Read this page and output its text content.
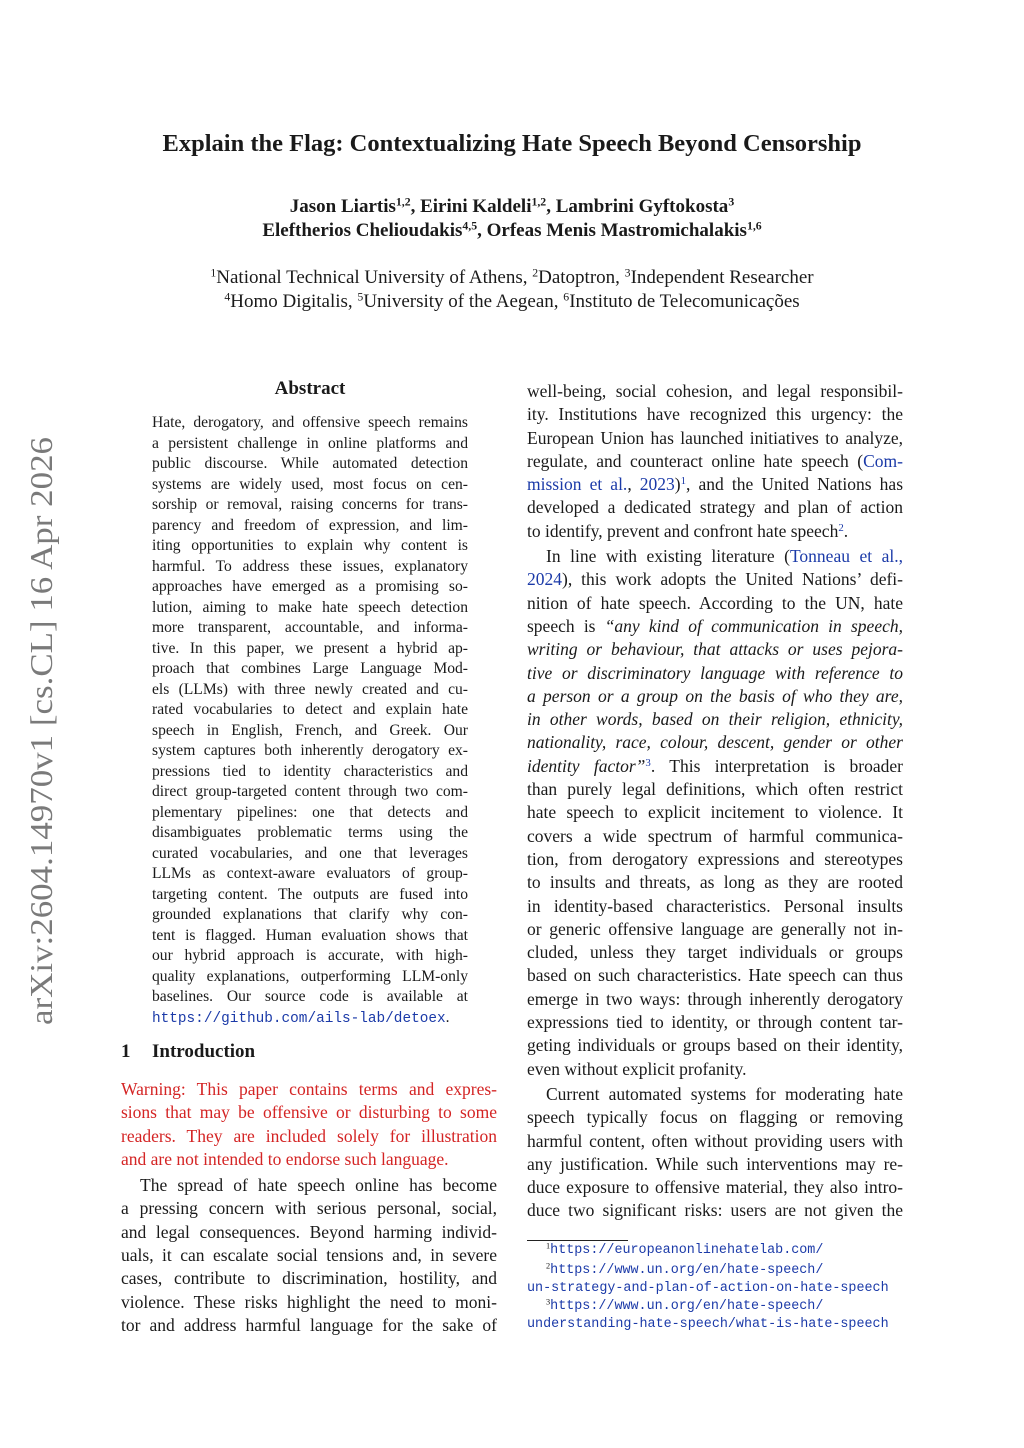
arXiv:2604.14970v1 [cs.CL] 16 Apr 2026
Explain the Flag: Contextualizing Hate Speech Beyond Censorship
Jason Liartis$^{1,2}$, Eirini Kaldeli$^{1,2}$, Lambrini Gyftokosta$^3$
Eleftherios Chelioudakis$^{4,5}$, Orfeas Menis Mastromichalakis$^{1,6}$
$^1$National Technical University of Athens, $^2$Datoptron, $^3$Independent Researcher
$^4$Homo Digitalis, $^5$University of the Aegean, $^6$Instituto de Telecomunicações
Abstract
Hate, derogatory, and offensive speech remains
a persistent challenge in online platforms and
public discourse. While automated detection
systems are widely used, most focus on cen-
sorship or removal, raising concerns for trans-
parency and freedom of expression, and lim-
iting opportunities to explain why content is
harmful. To address these issues, explanatory
approaches have emerged as a promising so-
lution, aiming to make hate speech detection
more transparent, accountable, and informa-
tive. In this paper, we present a hybrid ap-
proach that combines Large Language Mod-
els (LLMs) with three newly created and cu-
rated vocabularies to detect and explain hate
speech in English, French, and Greek. Our
system captures both inherently derogatory ex-
pressions tied to identity characteristics and
direct group-targeted content through two com-
plementary pipelines: one that detects and
disambiguates problematic terms using the
curated vocabularies, and one that leverages
LLMs as context-aware evaluators of group-
targeting content. The outputs are fused into
grounded explanations that clarify why con-
tent is flagged. Human evaluation shows that
our hybrid approach is accurate, with high-
quality explanations, outperforming LLM-only
baselines. Our source code is available at
https://github.com/ails-lab/detoex.
1 Introduction
Warning: This paper contains terms and expres-
sions that may be offensive or disturbing to some
readers. They are included solely for illustration
and are not intended to endorse such language.
The spread of hate speech online has become
a pressing concern with serious personal, social,
and legal consequences. Beyond harming individ-
uals, it can escalate social tensions and, in severe
cases, contribute to discrimination, hostility, and
violence. These risks highlight the need to moni-
tor and address harmful language for the sake of
well-being, social cohesion, and legal responsibil-
ity. Institutions have recognized this urgency: the
European Union has launched initiatives to analyze,
regulate, and counteract online hate speech (Com-
mission et al., 2023)$^1$, and the United Nations has
developed a dedicated strategy and plan of action
to identify, prevent and confront hate speech$^2$.
In line with existing literature (Tonneau et al.,
2024), this work adopts the United Nations’ defi-
nition of hate speech. According to the UN, hate
speech is “any kind of communication in speech,
writing or behaviour, that attacks or uses pejora-
tive or discriminatory language with reference to
a person or a group on the basis of who they are,
in other words, based on their religion, ethnicity,
nationality, race, colour, descent, gender or other
identity factor”$^3$. This interpretation is broader
than purely legal definitions, which often restrict
hate speech to explicit incitement to violence. It
covers a wide spectrum of harmful communica-
tion, from derogatory expressions and stereotypes
to insults and threats, as long as they are rooted
in identity-based characteristics. Personal insults
or generic offensive language are generally not in-
cluded, unless they target individuals or groups
based on such characteristics. Hate speech can thus
emerge in two ways: through inherently derogatory
expressions tied to identity, or through content tar-
geting individuals or groups based on their identity,
even without explicit profanity.
Current automated systems for moderating hate
speech typically focus on flagging or removing
harmful content, often without providing users with
any justification. While such interventions may re-
duce exposure to offensive material, they also intro-
duce two significant risks: users are not given the
$^1$https://europeanonlinehatelab.com/
$^2$https://www.un.org/en/hate-speech/
un-strategy-and-plan-of-action-on-hate-speech
$^3$https://www.un.org/en/hate-speech/
understanding-hate-speech/what-is-hate-speech
